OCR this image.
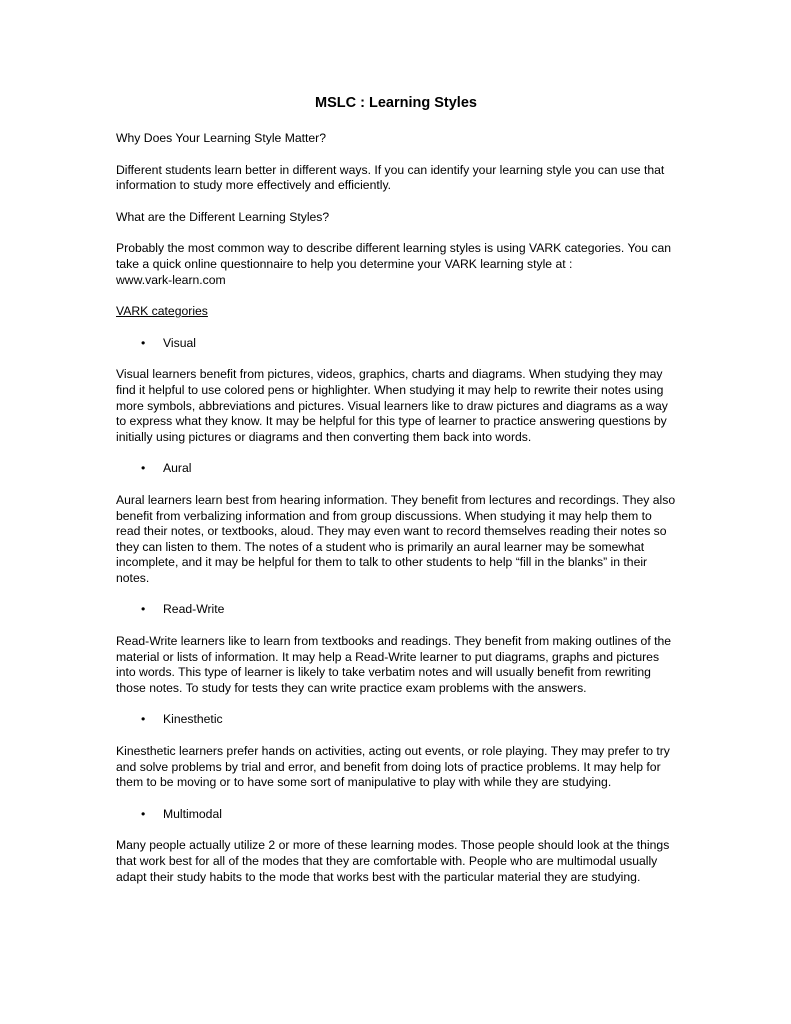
MSLC : Learning Styles

Why Does Your Learning Style Matter?

Different students learn better in different ways. If you can identify your learning style you can use that information to study more effectively and efficiently.

What are the Different Learning Styles?

Probably the most common way to describe different learning styles is using VARK categories. You can take a quick online questionnaire to help you determine your VARK learning style at :

www.vark-learn.com

VARK categories

• Visual

Visual learners benefit from pictures, videos, graphics, charts and diagrams. When studying they may find it helpful to use colored pens or highlighter. When studying it may help to rewrite their notes using more symbols, abbreviations and pictures. Visual learners like to draw pictures and diagrams as a way to express what they know. It may be helpful for this type of learner to practice answering questions by initially using pictures or diagrams and then converting them back into words.

• Aural

Aural learners learn best from hearing information. They benefit from lectures and recordings. They also benefit from verbalizing information and from group discussions. When studying it may help them to read their notes, or textbooks, aloud. They may even want to record themselves reading their notes so they can listen to them. The notes of a student who is primarily an aural learner may be somewhat incomplete, and it may be helpful for them to talk to other students to help “fill in the blanks” in their notes.

• Read-Write

Read-Write learners like to learn from textbooks and readings. They benefit from making outlines of the material or lists of information. It may help a Read-Write learner to put diagrams, graphs and pictures into words. This type of learner is likely to take verbatim notes and will usually benefit from rewriting those notes. To study for tests they can write practice exam problems with the answers.

• Kinesthetic

Kinesthetic learners prefer hands on activities, acting out events, or role playing. They may prefer to try and solve problems by trial and error, and benefit from doing lots of practice problems. It may help for them to be moving or to have some sort of manipulative to play with while they are studying.

• Multimodal

Many people actually utilize 2 or more of these learning modes. Those people should look at the things that work best for all of the modes that they are comfortable with. People who are multimodal usually adapt their study habits to the mode that works best with the particular material they are studying.
